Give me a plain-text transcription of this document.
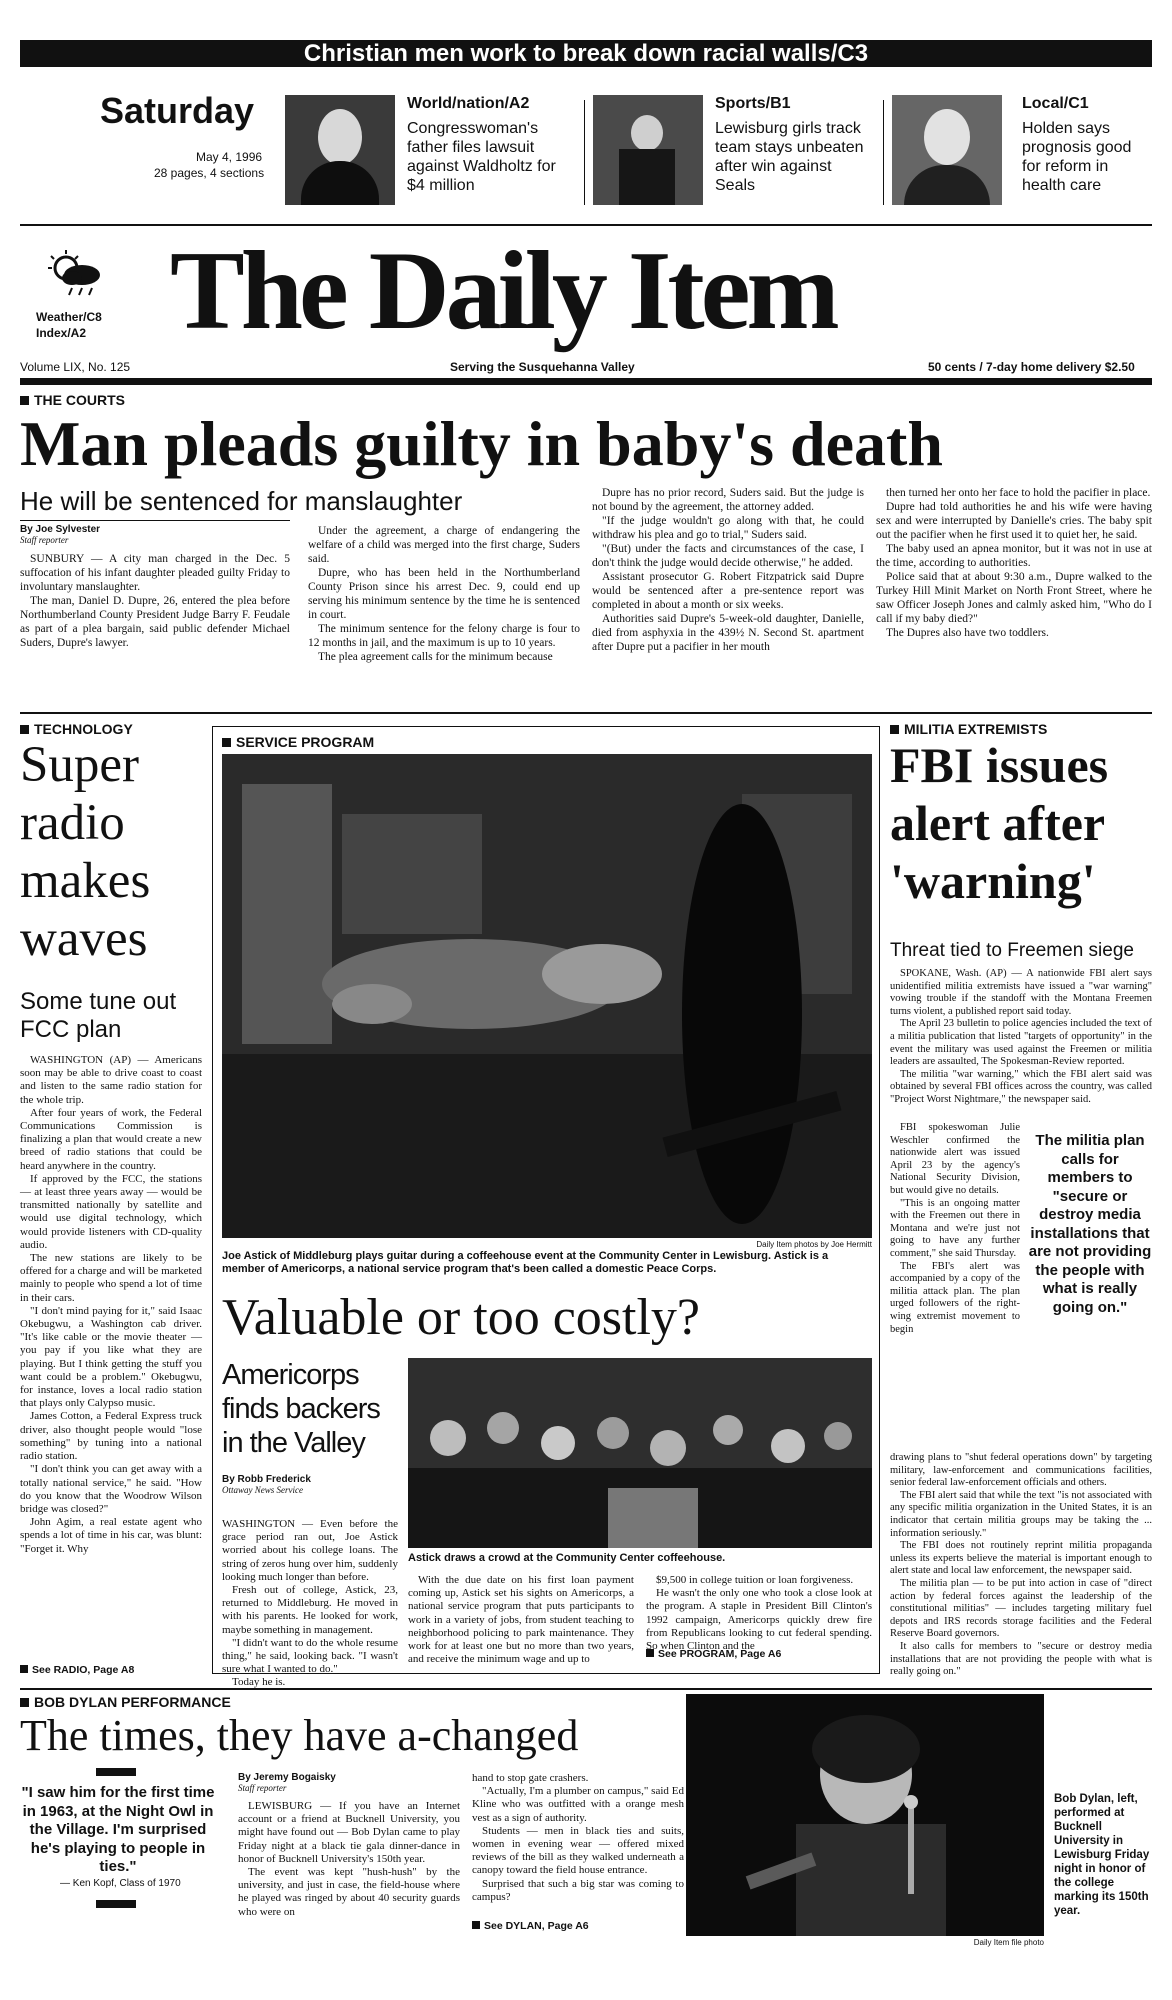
Christian men work to break down racial walls/C3
Saturday
May 4, 1996
28 pages, 4 sections
World/nation/A2
Congresswoman's father files lawsuit against Waldholtz for $4 million
Sports/B1
Lewisburg girls track team stays unbeaten after win against Seals
Local/C1
Holden says prognosis good for reform in health care
Weather/C8
Index/A2 The Daily Item
Volume LIX, No. 125	Serving the Susquehanna Valley	50 cents / 7-day home delivery $2.50
THE COURTS
Man pleads guilty in baby's death
He will be sentenced for manslaughter
By Joe Sylvester
Staff reporter

SUNBURY — A city man charged in the Dec. 5 suffocation of his infant daughter pleaded guilty Friday to involuntary manslaughter.

The man, Daniel D. Dupre, 26, entered the plea before Northumberland County President Judge Barry F. Feudale as part of a plea bargain, said public defender Michael Suders, Dupre's lawyer.

Under the agreement, a charge of endangering the welfare of a child was merged into the first charge, Suders said.

Dupre, who has been held in the Northumberland County Prison since his arrest Dec. 9, could end up serving his minimum sentence by the time he is sentenced in court.

The minimum sentence for the felony charge is four to 12 months in jail, and the maximum is up to 10 years.

The plea agreement calls for the minimum because

Dupre has no prior record, Suders said. But the judge is not bound by the agreement, the attorney added.

"If the judge wouldn't go along with that, he could withdraw his plea and go to trial," Suders said.

"(But) under the facts and circumstances of the case, I don't think the judge would decide otherwise," he added.

Assistant prosecutor G. Robert Fitzpatrick said Dupre would be sentenced after a pre-sentence report was completed in about a month or six weeks.

Authorities said Dupre's 5-week-old daughter, Danielle, died from asphyxia in the 439½ N. Second St. apartment after Dupre put a pacifier in her mouth

then turned her onto her face to hold the pacifier in place.

Dupre had told authorities he and his wife were having sex and were interrupted by Danielle's cries. The baby spit out the pacifier when he first used it to quiet her, he said.

The baby used an apnea monitor, but it was not in use at the time, according to authorities.

Police said that at about 9:30 a.m., Dupre walked to the Turkey Hill Minit Market on North Front Street, where he saw Officer Joseph Jones and calmly asked him, "Who do I call if my baby died?"

The Dupres also have two toddlers.

TECHNOLOGY
Super radio makes waves
Some tune out FCC plan

WASHINGTON (AP) — Americans soon may be able to drive coast to coast and listen to the same radio station for the whole trip.

After four years of work, the Federal Communications Commission is finalizing a plan that would create a new breed of radio stations that could be heard anywhere in the country.

If approved by the FCC, the stations — at least three years away — would be transmitted nationally by satellite and would use digital technology, which would provide listeners with CD-quality audio.

The new stations are likely to be offered for a charge and will be marketed mainly to people who spend a lot of time in their cars.

"I don't mind paying for it," said Isaac Okebugwu, a Washington cab driver. "It's like cable or the movie theater — you pay if you like what they are playing. But I think getting the stuff you want could be a problem." Okebugwu, for instance, loves a local radio station that plays only Calypso music.

James Cotton, a Federal Express truck driver, also thought people would "lose something" by tuning into a national radio station.

"I don't think you can get away with a totally national service," he said. "How do you know that the Woodrow Wilson bridge was closed?"

John Agim, a real estate agent who spends a lot of time in his car, was blunt: "Forget it. Why

See RADIO, Page A8
SERVICE PROGRAM
Daily Item photos by Joe Hermitt
Joe Astick of Middleburg plays guitar during a coffeehouse event at the Community Center in Lewisburg. Astick is a member of Americorps, a national service program that's been called a domestic Peace Corps.
Valuable or too costly?
Americorps finds backers in the Valley
By Robb Frederick
Ottaway News Service
Astick draws a crowd at the Community Center coffeehouse.

WASHINGTON — Even before the grace period ran out, Joe Astick worried about his college loans. The string of zeros hung over him, suddenly looking much longer than before.

Fresh out of college, Astick, 23, returned to Middleburg. He moved in with his parents. He looked for work, maybe something in management.

"I didn't want to do the whole resume thing," he said, looking back. "I wasn't sure what I wanted to do."

Today he is.

With the due date on his first loan payment coming up, Astick set his sights on Americorps, a national service program that puts participants to work in a variety of jobs, from student teaching to neighborhood policing to park maintenance. They work for at least one but no more than two years, and receive the minimum wage and up to

$9,500 in college tuition or loan forgiveness.

He wasn't the only one who took a close look at the program. A staple in President Bill Clinton's 1992 campaign, Americorps quickly drew fire from Republicans looking to cut federal spending. So when Clinton and the

See PROGRAM, Page A6
MILITIA EXTREMISTS
FBI issues alert after 'warning'
Threat tied to Freemen siege

SPOKANE, Wash. (AP) — A nationwide FBI alert says unidentified militia extremists have issued a "war warning" vowing trouble if the standoff with the Montana Freemen turns violent, a published report said today.

The April 23 bulletin to police agencies included the text of a militia publication that listed "targets of opportunity" in the event the military was used against the Freemen or militia leaders are assaulted, The Spokesman-Review reported.

The militia "war warning," which the FBI alert said was obtained by several FBI offices across the country, was called "Project Worst Nightmare," the newspaper said.

FBI spokeswoman Julie Weschler confirmed the nationwide alert was issued April 23 by the agency's National Security Division, but would give no details.

"This is an ongoing matter with the Freemen out there in Montana and we're just not going to have any further comment," she said Thursday.

The FBI's alert was accompanied by a copy of the militia attack plan. The plan urged followers of the right-wing extremist movement to begin

The militia plan calls for members to "secure or destroy media installations that are not providing the people with what is really going on."

drawing plans to "shut federal operations down" by targeting military, law-enforcement and communications facilities, senior federal law-enforcement officials and others.

The FBI alert said that while the text "is not associated with any specific militia organization in the United States, it is an indicator that certain militia groups may be taking the ... information seriously."

The FBI does not routinely reprint militia propaganda unless its experts believe the material is important enough to alert state and local law enforcement, the newspaper said.

The militia plan — to be put into action in case of "direct action by federal forces against the leadership of the constitutional militias" — includes targeting military fuel depots and IRS records storage facilities and the Federal Reserve Board governors.

It also calls for members to "secure or destroy media installations that are not providing the people with what is really going on."

BOB DYLAN PERFORMANCE
The times, they have a-changed
"I saw him for the first time in 1963, at the Night Owl in the Village. I'm surprised he's playing to people in ties."
— Ken Kopf, Class of 1970
By Jeremy Bogaisky
Staff reporter

LEWISBURG — If you have an Internet account or a friend at Bucknell University, you might have found out — Bob Dylan came to play Friday night at a black tie gala dinner-dance in honor of Bucknell University's 150th year.

The event was kept "hush-hush" by the university, and just in case, the field-house where he played was ringed by about 40 security guards who were on

hand to stop gate crashers.

"Actually, I'm a plumber on campus," said Ed Kline who was outfitted with a orange mesh vest as a sign of authority.

Students — men in black ties and suits, women in evening wear — offered mixed reviews of the bill as they walked underneath a canopy toward the field house entrance.

Surprised that such a big star was coming to campus?

See DYLAN, Page A6
Daily Item file photo
Bob Dylan, left, performed at Bucknell University in Lewisburg Friday night in honor of the college marking its 150th year.
